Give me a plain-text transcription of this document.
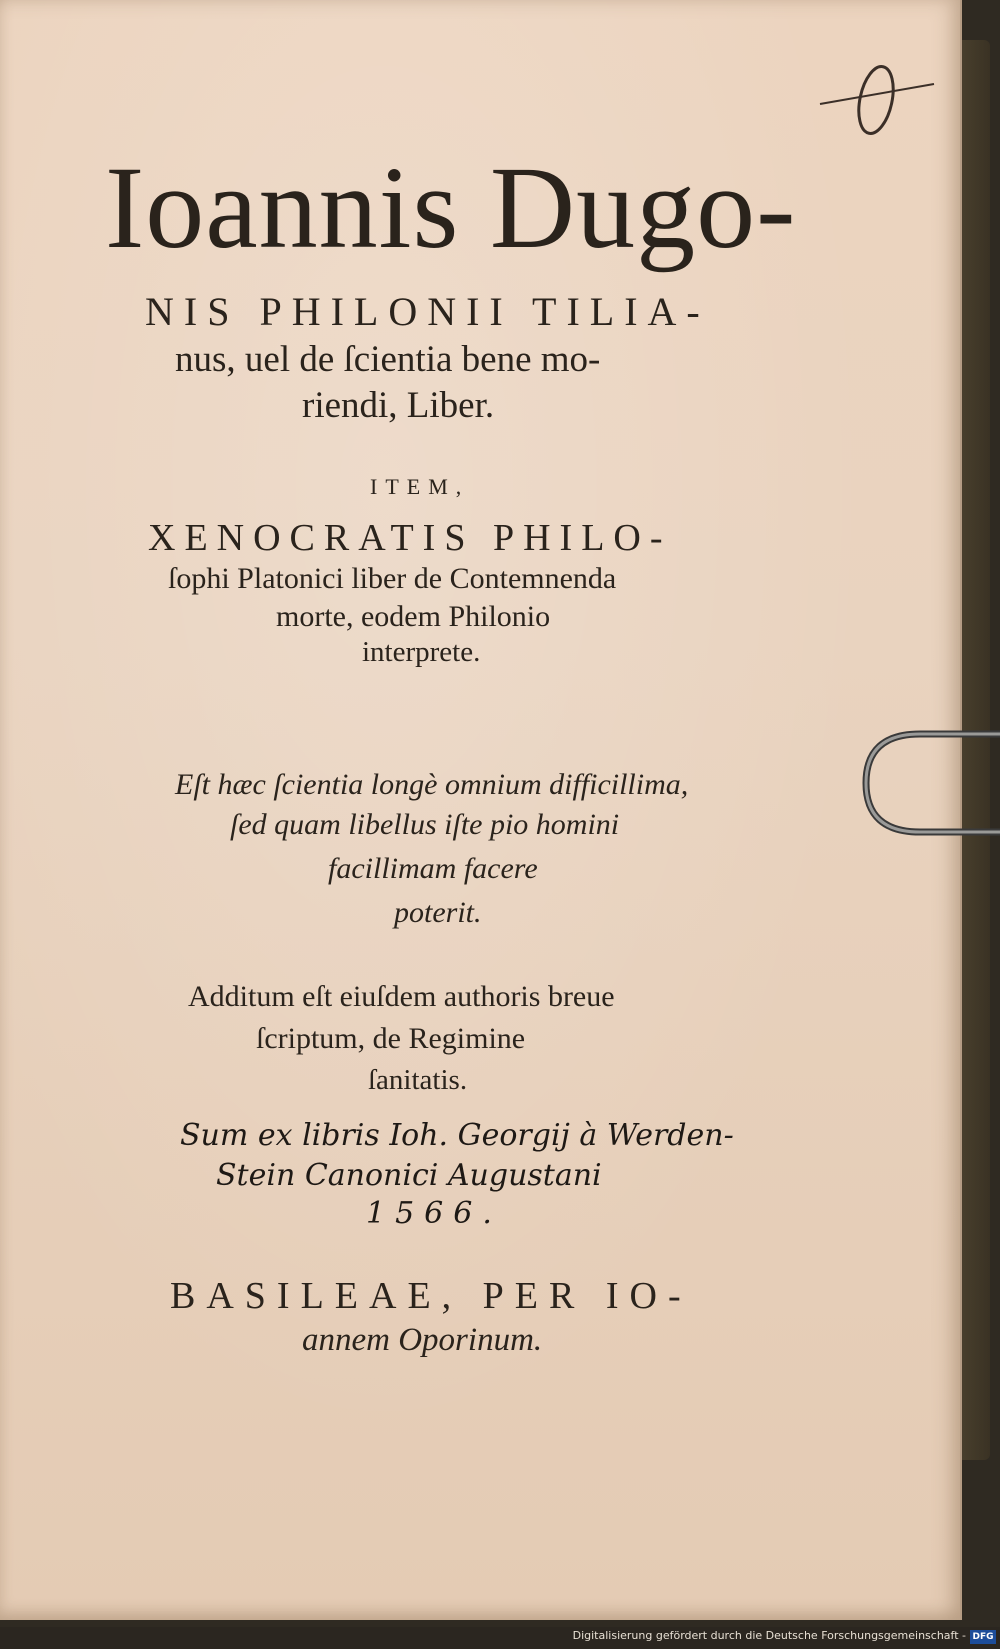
Ioannis Dugo-
NIS PHILONII TILIA-
nus, uel de ſcientia bene mo-
riendi, Liber.
ITEM,
XENOCRATIS PHILO-
ſophi Platonici liber de Contemnenda
morte, eodem Philonio
interprete.
Eſt hæc ſcientia longè omnium difficillima,
ſed quam libellus iſte pio homini
facillimam facere
poterit.
Additum eſt eiuſdem authoris breue
ſcriptum, de Regimine
ſanitatis.
Sum ex libris Ioh. Georgij à Werden-
Stein Canonici Augustani
1566.
BASILEAE, PER IO-
annem Oporinum.
Digitalisierung gefördert durch die Deutsche Forschungsgemeinschaft - DFG
